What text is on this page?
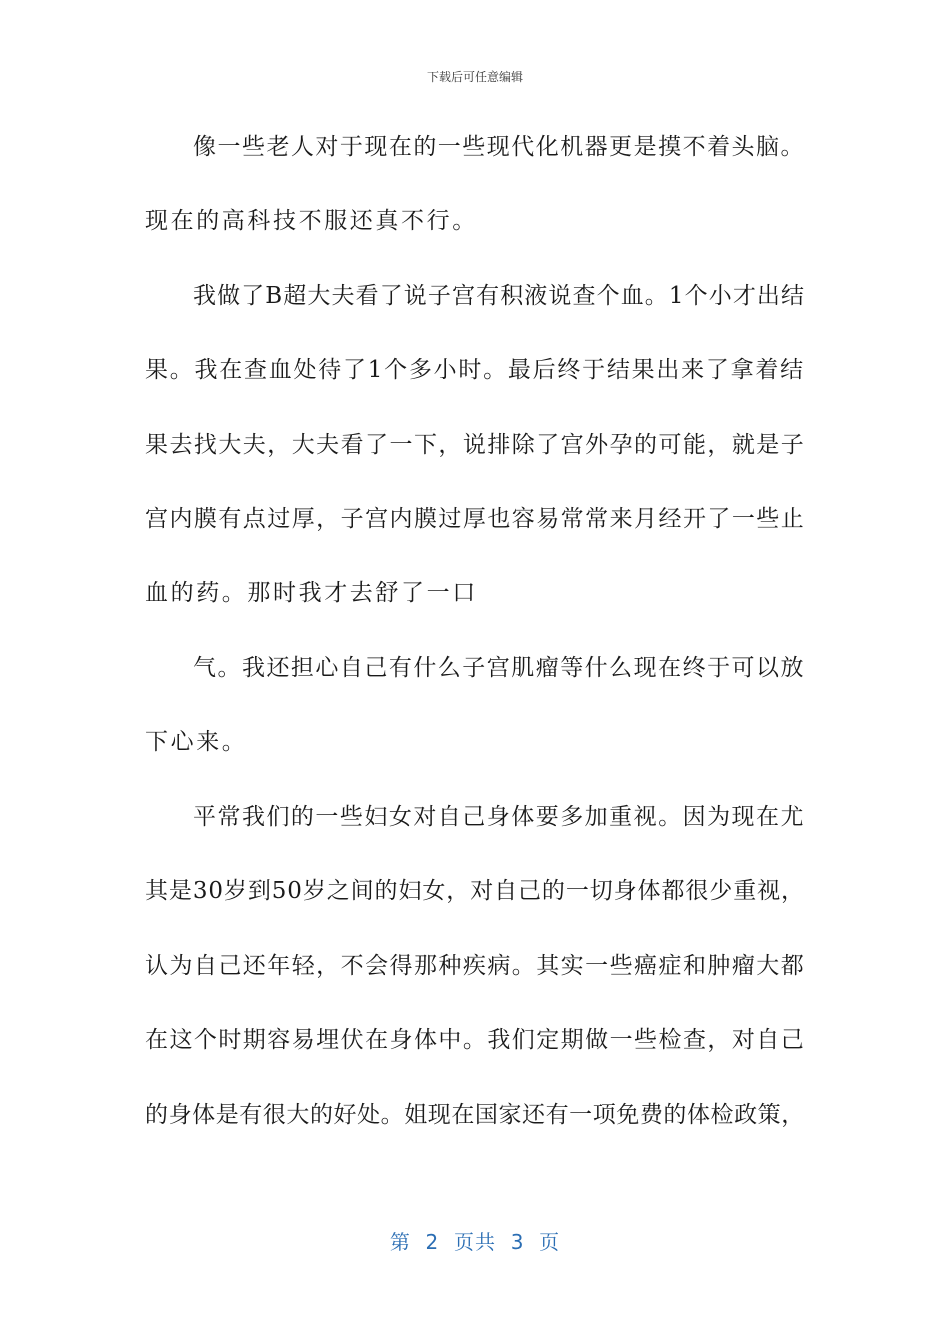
下载后可任意编辑
像一些老人对于现在的一些现代化机器更是摸不着头脑。
现在的高科技不服还真不行。
我做了B超大夫看了说子宫有积液说查个血。1个小才出结
果。我在查血处待了1个多小时。最后终于结果出来了拿着结
果去找大夫，大夫看了一下，说排除了宫外孕的可能，就是子
宫内膜有点过厚，子宫内膜过厚也容易常常来月经开了一些止
血的药。那时我才去舒了一口
气。我还担心自己有什么子宫肌瘤等什么现在终于可以放
下心来。
平常我们的一些妇女对自己身体要多加重视。因为现在尤
其是30岁到50岁之间的妇女，对自己的一切身体都很少重视，
认为自己还年轻，不会得那种疾病。其实一些癌症和肿瘤大都
在这个时期容易埋伏在身体中。我们定期做一些检查，对自己
的身体是有很大的好处。姐现在国家还有一项免费的体检政策，
第  2  页共  3  页
